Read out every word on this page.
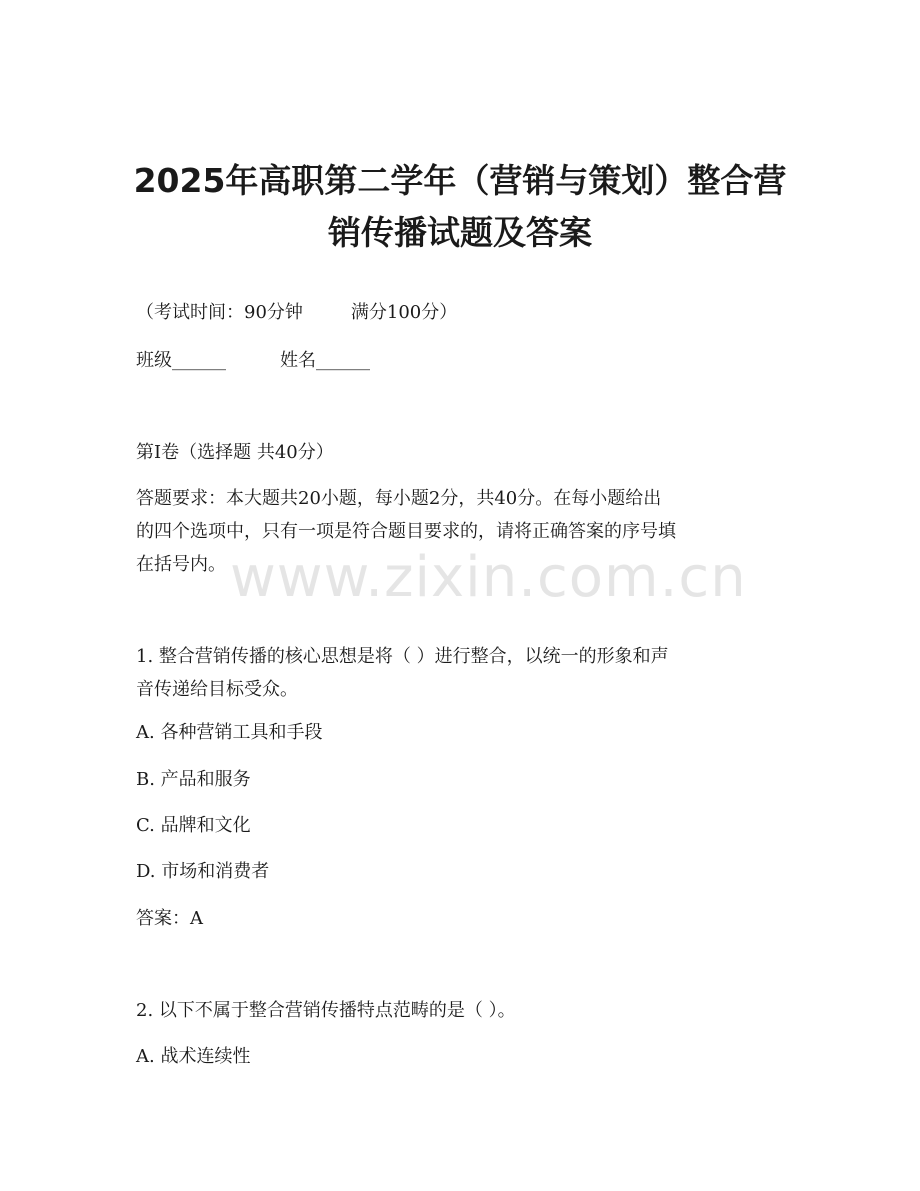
2025年高职第二学年（营销与策划）整合营
销传播试题及答案
（考试时间：90分钟	满分100分）
班级______	姓名______
第I卷（选择题 共40分）
答题要求：本大题共20小题，每小题2分，共40分。在每小题给出
的四个选项中，只有一项是符合题目要求的，请将正确答案的序号填
在括号内。 www.zixin.com.cn
1. 整合营销传播的核心思想是将（ ）进行整合，以统一的形象和声
音传递给目标受众。
A. 各种营销工具和手段
B. 产品和服务
C. 品牌和文化
D. 市场和消费者
答案：A
2. 以下不属于整合营销传播特点范畴的是（ ）。
A. 战术连续性
